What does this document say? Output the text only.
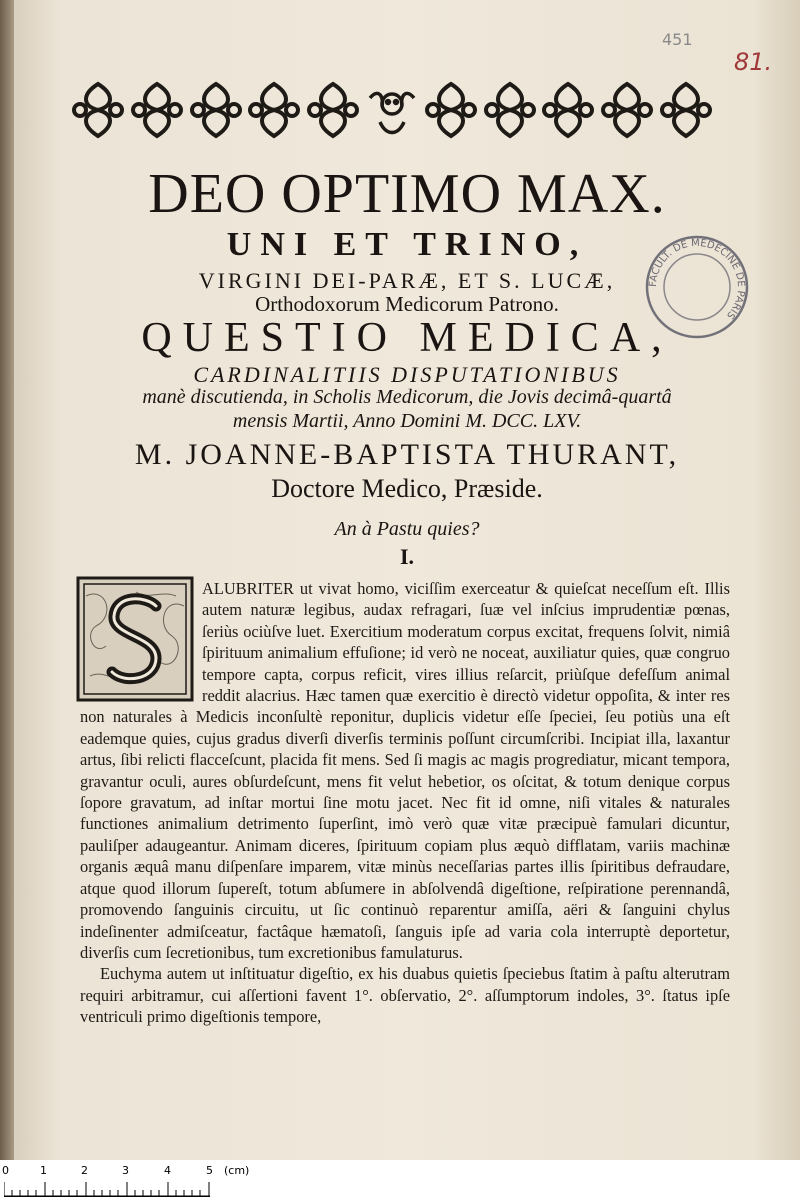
451
81.
DEO OPTIMO MAX.
UNI ET TRINO,
VIRGINI DEI-PARÆ, ET S. LUCÆ,
Orthodoxorum Medicorum Patrono.
QUESTIO MEDICA,
CARDINALITIIS DISPUTATIONIBUS
manè discutienda, in Scholis Medicorum, die Jovis decimâ-quartâ
mensis Martii, Anno Domini M. DCC. LXV.
M. JOANNE-BAPTISTA THURANT,
Doctore Medico, Præside.
An à Pastu quies?
I.
FACULT. DE MEDECINE DE PARIS

ALUBRITER ut vivat homo, viciſſim exerceatur & quieſcat neceſſum eſt. Illis autem naturæ legibus, audax refragari, ſuæ vel inſcius imprudentiæ pœnas, ſeriùs ociùſve luet. Exercitium moderatum corpus excitat, frequens ſolvit, nimiâ ſpirituum animalium effuſione; id verò ne noceat, auxiliatur quies, quæ congruo tempore capta, corpus reficit, vires illius reſarcit, priùſque defeſſum animal reddit alacrius. Hæc tamen quæ exercitio è directò videtur oppoſita, & inter res non naturales à Medicis inconſultè reponitur, duplicis videtur eſſe ſpeciei, ſeu potiùs una eſt eademque quies, cujus gradus diverſi diverſis terminis poſſunt circumſcribi. Incipiat illa, laxantur artus, ſibi relicti flacceſcunt, placida fit mens. Sed ſi magis ac magis progrediatur, micant tempora, gravantur oculi, aures obſurdeſcunt, mens fit velut hebetior, os oſcitat, & totum denique corpus ſopore gravatum, ad inſtar mortui ſine motu jacet. Nec fit id omne, niſi vitales & naturales functiones animalium detrimento ſuperſint, imò verò quæ vitæ præcipuè famulari dicuntur, pauliſper adaugeantur. Animam diceres, ſpirituum copiam plus æquò difflatam, variis machinæ organis æquâ manu diſpenſare imparem, vitæ minùs neceſſarias partes illis ſpiritibus defraudare, atque quod illorum ſupereſt, totum abſumere in abſolvendâ digeſtione, reſpiratione perennandâ, promovendo ſanguinis circuitu, ut ſic continuò reparentur amiſſa, aëri & ſanguini chylus indeſinenter admiſceatur, factâque hæmatoſi, ſanguis ipſe ad varia cola interruptè deportetur, diverſis cum ſecretionibus, tum excretionibus famulaturus.

Euchyma autem ut inſtituatur digeſtio, ex his duabus quietis ſpeciebus ſtatim à paſtu alterutram requiri arbitramur, cui aſſertioni favent 1°. obſervatio, 2°. aſſumptorum indoles, 3°. ſtatus ipſe ventriculi primo digeſtionis tempore,

0	1	2	3	4	5 (cm)
